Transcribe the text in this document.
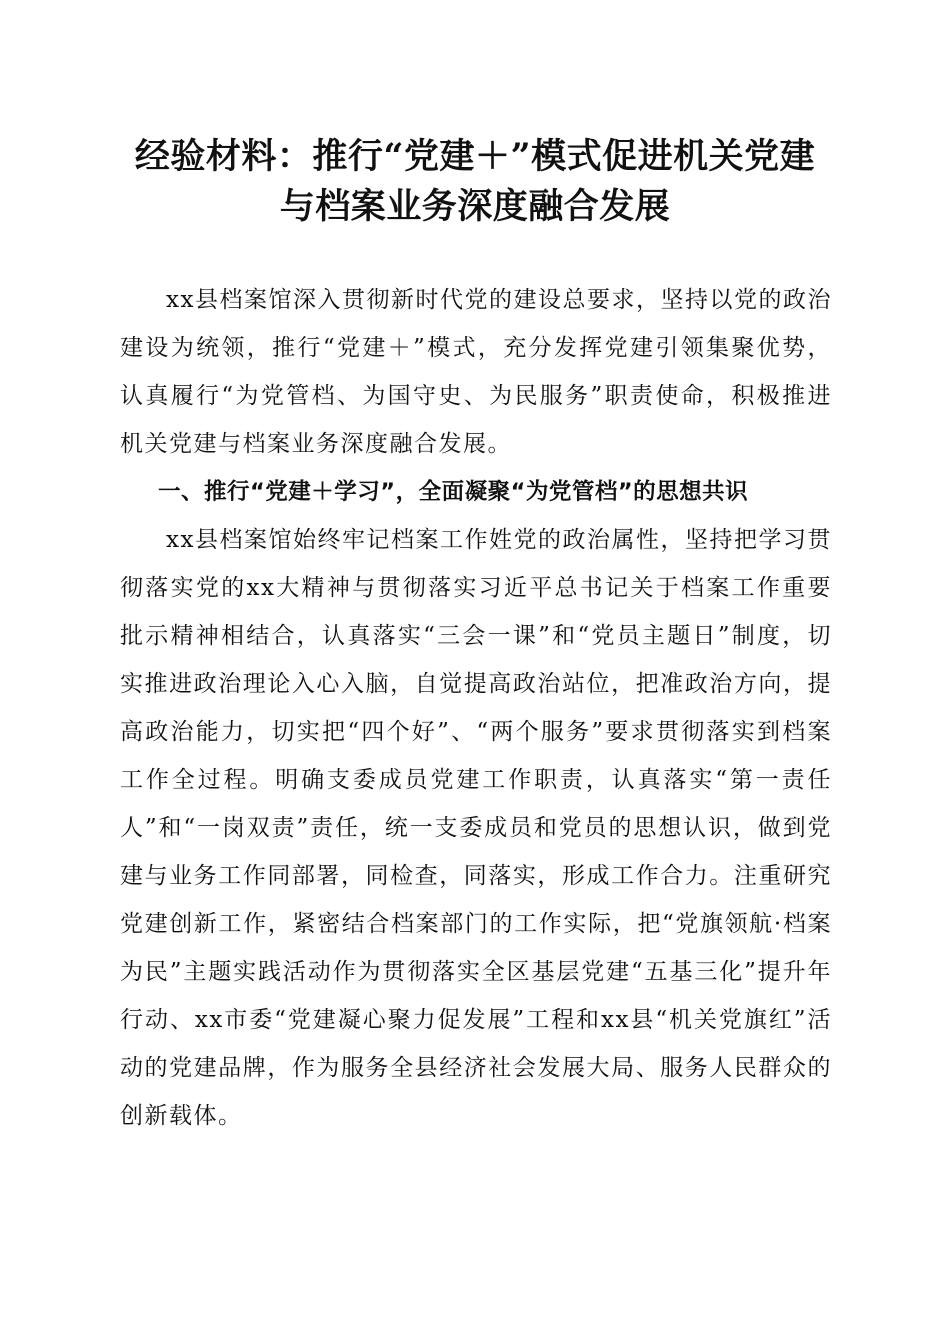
经验材料：推行“党建＋”模式促进机关党建
与档案业务深度融合发展

xx县档案馆深入贯彻新时代党的建设总要求，坚持以党的政治建设为统领，推行“党建＋”模式，充分发挥党建引领集聚优势，认真履行“为党管档、为国守史、为民服务”职责使命，积极推进机关党建与档案业务深度融合发展。

一、推行“党建＋学习”，全面凝聚“为党管档”的思想共识

xx县档案馆始终牢记档案工作姓党的政治属性，坚持把学习贯彻落实党的xx大精神与贯彻落实习近平总书记关于档案工作重要批示精神相结合，认真落实“三会一课”和“党员主题日”制度，切实推进政治理论入心入脑，自觉提高政治站位，把准政治方向，提高政治能力，切实把“四个好”、“两个服务”要求贯彻落实到档案工作全过程。明确支委成员党建工作职责，认真落实“第一责任人”和“一岗双责”责任，统一支委成员和党员的思想认识，做到党建与业务工作同部署，同检查，同落实，形成工作合力。注重研究党建创新工作，紧密结合档案部门的工作实际，把“党旗领航·档案为民”主题实践活动作为贯彻落实全区基层党建“五基三化”提升年行动、xx市委“党建凝心聚力促发展”工程和xx县“机关党旗红”活动的党建品牌，作为服务全县经济社会发展大局、服务人民群众的创新载体。
